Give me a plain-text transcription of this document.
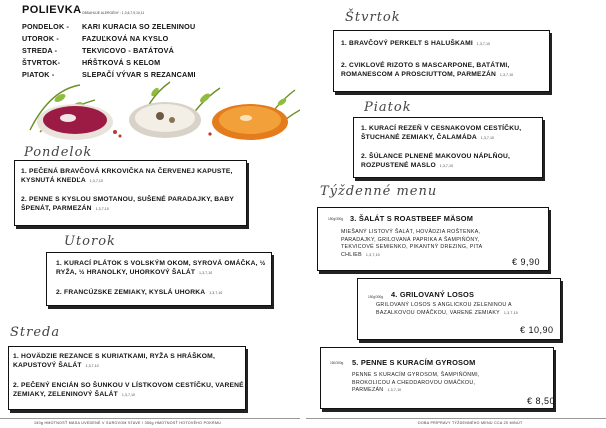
POLIEVKA OBSAHUJE ALERGÉNY : 1,3,6,7,9,10,11
PONDELOK - KARI KURACIA SO ZELENINOU
UTOROK -	FAZUĽKOVÁ NA KYSLO
STREDA -	TEKVICOVO - BATÁTOVÁ
ŠTVRTOK-	HŔŠTKOVÁ S KELOM
PIATOK -	SLEPAČÍ VÝVAR S REZANCAMI
Pondelok
1. PEČENÁ BRAVČOVÁ KRKOVIČKA NA ČERVENEJ KAPUSTE, KYSNUTÁ KNEDĽA 1,3,7,10
2. PENNE S KYSLOU SMOTANOU, SUŠENÉ PARADAJKY, BABY ŠPENÁT, PARMEZÁN 1,3,7,10
Utorok
1. KURACÍ PLÁTOK S VOLSKÝM OKOM, SYROVÁ OMÁČKA, ½ RYŽA, ½ HRANOLKY, UHORKOVÝ ŠALÁT 1,3,7,10
2. FRANCÚZSKE ZEMIAKY, KYSLÁ UHORKA 1,3,7,10
Streda
1. HOVÄDZIE REZANCE S KURIATKAMI, RYŽA S HRÁŠKOM, KAPUSTOVÝ ŠALÁT 1,3,7,10
2. PEČENÝ ENCIÁN SO ŠUNKOU V LÍSTKOVOM CESTÍČKU, VARENÉ ZEMIAKY, ZELENINOVÝ ŠALÁT 1,3,7,10
Štvrtok
1. BRAVČOVÝ PERKELT S HALUŠKAMI 1,3,7,10
2. CVIKLOVÉ RIZOTO S MASCARPONE, BATÁTMI, ROMANESCOM A PROSCIUTTOM, PARMEZÁN 1,3,7,10
Piatok
1. KURACÍ REZEŇ V CESNAKOVOM CESTÍČKU, ŠTUCHANÉ ZEMIAKY, ČALAMÁDA 1,3,7,10
2. ŠÚLANCE PLNENÉ MAKOVOU NÁPLŇOU, ROZPUSTENÉ MASLO 1,3,7,10
Týždenné menu
150g/300g 3. ŠALÁT S ROASTBEEF MÄSOM
MIEŠANÝ LISTOVÝ ŠALÁT, HOVÄDZIA ROŠTENKA, PARADAJKY, GRILOVANÁ PAPRIKA A ŠAMPIŇÓNY, TEKVICOVÉ SEMIENKO, PIKANTNÝ DREZING, PITA CHLIEB 1,3,7,10
€ 9,90
150g/300g 4. GRILOVANÝ LOSOS
GRILOVANÝ LOSOS S ANGLICKOU ZELENINOU A BAZALKOVOU OMÁČKOU, VARENÉ ZEMIAKY 1,3,7,10
€ 10,90
150/300g 5. PENNE S KURACÍM GYROSOM
PENNE S KURACÍM GYROSOM, ŠAMPIŇÓNMI, BROKOLICOU A CHEDDAROVOU OMÁČKOU, PARMEZÁN 1,3,7,10
€ 8,50
150g HMOTNOSŤ MÄSA UVEDENÉ V SUROVOM STAVE / 350g HMOTNOSŤ HOTOVÉHO POKRMU	DOBA PRÍPRAVY TÝŽDENNÉHO MENU CCA 20 MINÚT
